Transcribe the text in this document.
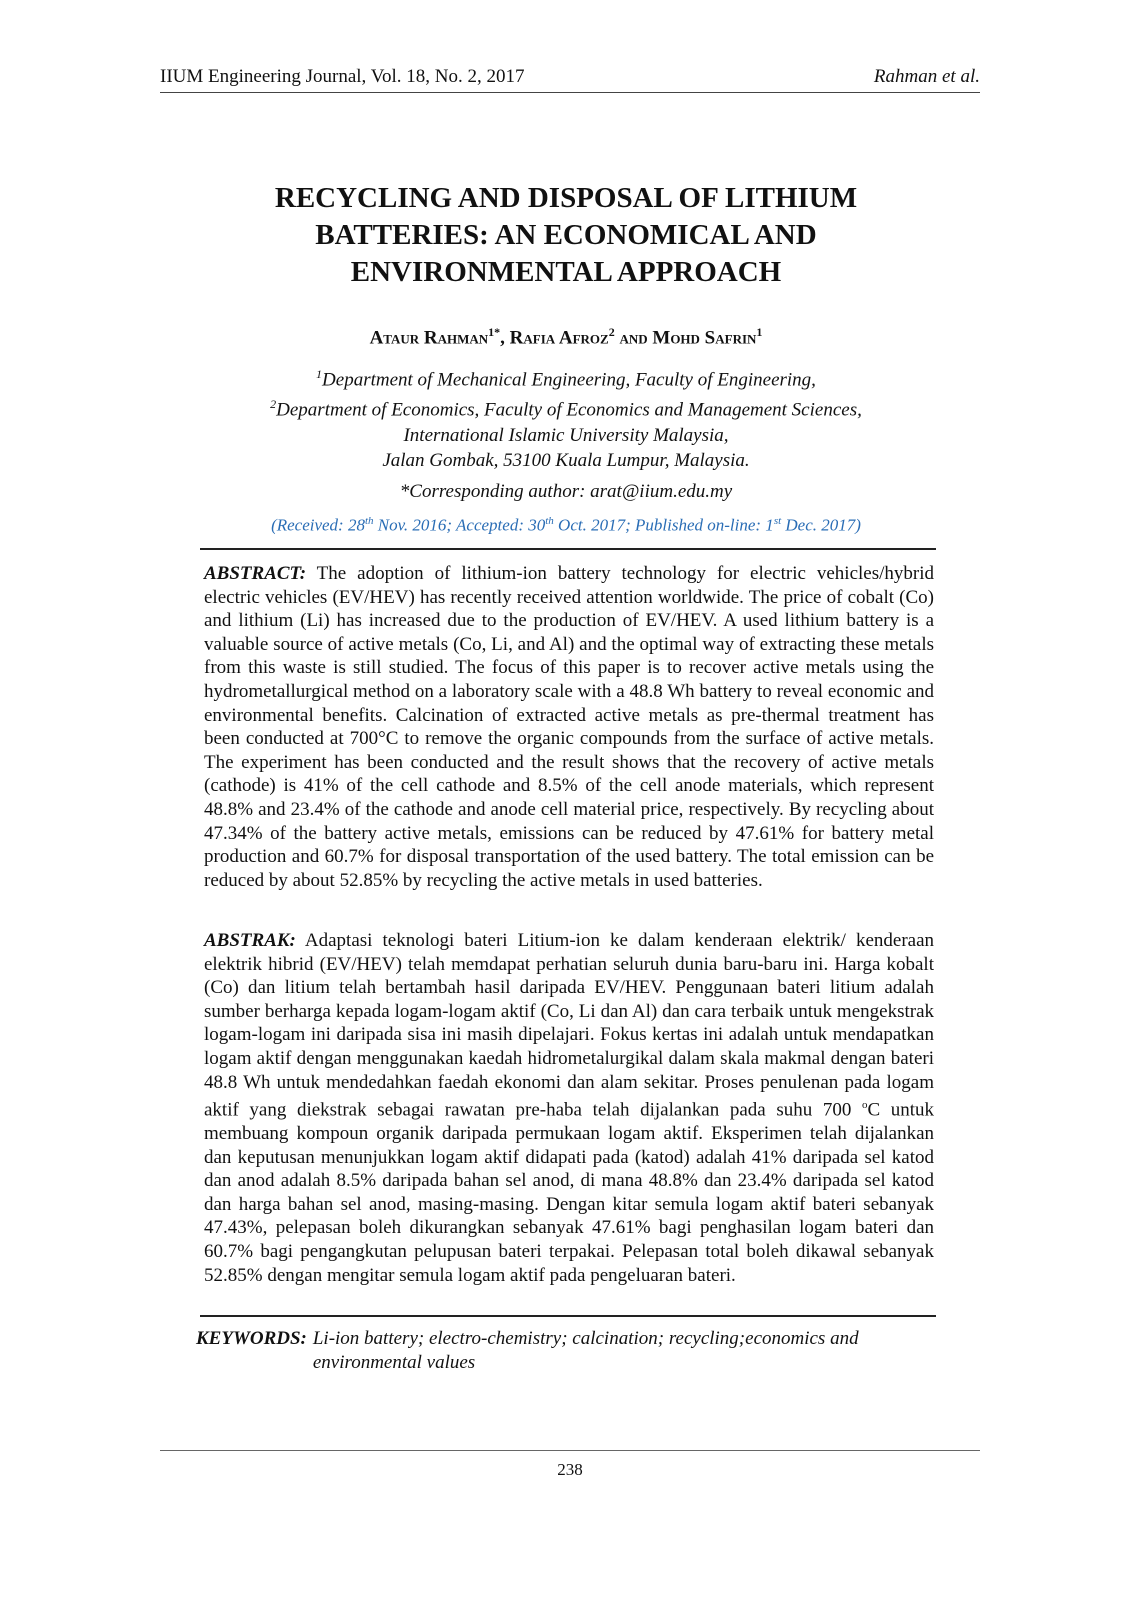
IIUM Engineering Journal, Vol. 18, No. 2, 2017	Rahman et al.
RECYCLING AND DISPOSAL OF LITHIUM
BATTERIES: AN ECONOMICAL AND
ENVIRONMENTAL APPROACH
Ataur Rahman$^{1*}$, Rafia Afroz$^2$ and Mohd Safrin$^1$
$^1$Department of Mechanical Engineering, Faculty of Engineering,
$^2$Department of Economics, Faculty of Economics and Management Sciences,
International Islamic University Malaysia,
Jalan Gombak, 53100 Kuala Lumpur, Malaysia.
*Corresponding author: arat@iium.edu.my
(Received: 28th Nov. 2016; Accepted: 30th Oct. 2017; Published on-line: 1st Dec. 2017)

ABSTRACT: The adoption of lithium-ion battery technology for electric vehicles/hybrid electric vehicles (EV/HEV) has recently received attention worldwide. The price of cobalt (Co) and lithium (Li) has increased due to the production of EV/HEV. A used lithium battery is a valuable source of active metals (Co, Li, and Al) and the optimal way of extracting these metals from this waste is still studied. The focus of this paper is to recover active metals using the hydrometallurgical method on a laboratory scale with a 48.8 Wh battery to reveal economic and environmental benefits. Calcination of extracted active metals as pre-thermal treatment has been conducted at 700°C to remove the organic compounds from the surface of active metals. The experiment has been conducted and the result shows that the recovery of active metals (cathode) is 41% of the cell cathode and 8.5% of the cell anode materials, which represent 48.8% and 23.4% of the cathode and anode cell material price, respectively. By recycling about 47.34% of the battery active metals, emissions can be reduced by 47.61% for battery metal production and 60.7% for disposal transportation of the used battery. The total emission can be reduced by about 52.85% by recycling the active metals in used batteries.

ABSTRAK: Adaptasi teknologi bateri Litium-ion ke dalam kenderaan elektrik/ kenderaan elektrik hibrid (EV/HEV) telah memdapat perhatian seluruh dunia baru-baru ini. Harga kobalt (Co) dan litium telah bertambah hasil daripada EV/HEV. Penggunaan bateri litium adalah sumber berharga kepada logam-logam aktif (Co, Li dan Al) dan cara terbaik untuk mengekstrak logam-logam ini daripada sisa ini masih dipelajari. Fokus kertas ini adalah untuk mendapatkan logam aktif dengan menggunakan kaedah hidrometalurgikal dalam skala makmal dengan bateri 48.8 Wh untuk mendedahkan faedah ekonomi dan alam sekitar. Proses penulenan pada logam aktif yang diekstrak sebagai rawatan pre-haba telah dijalankan pada suhu 700 $^o$C untuk membuang kompoun organik daripada permukaan logam aktif. Eksperimen telah dijalankan dan keputusan menunjukkan logam aktif didapati pada (katod) adalah 41% daripada sel katod dan anod adalah 8.5% daripada bahan sel anod, di mana 48.8% dan 23.4% daripada sel katod dan harga bahan sel anod, masing-masing. Dengan kitar semula logam aktif bateri sebanyak 47.43%, pelepasan boleh dikurangkan sebanyak 47.61% bagi penghasilan logam bateri dan 60.7% bagi pengangkutan pelupusan bateri terpakai. Pelepasan total boleh dikawal sebanyak 52.85% dengan mengitar semula logam aktif pada pengeluaran bateri.

KEYWORDS: Li-ion battery; electro-chemistry; calcination; recycling;economics and environmental values
238
